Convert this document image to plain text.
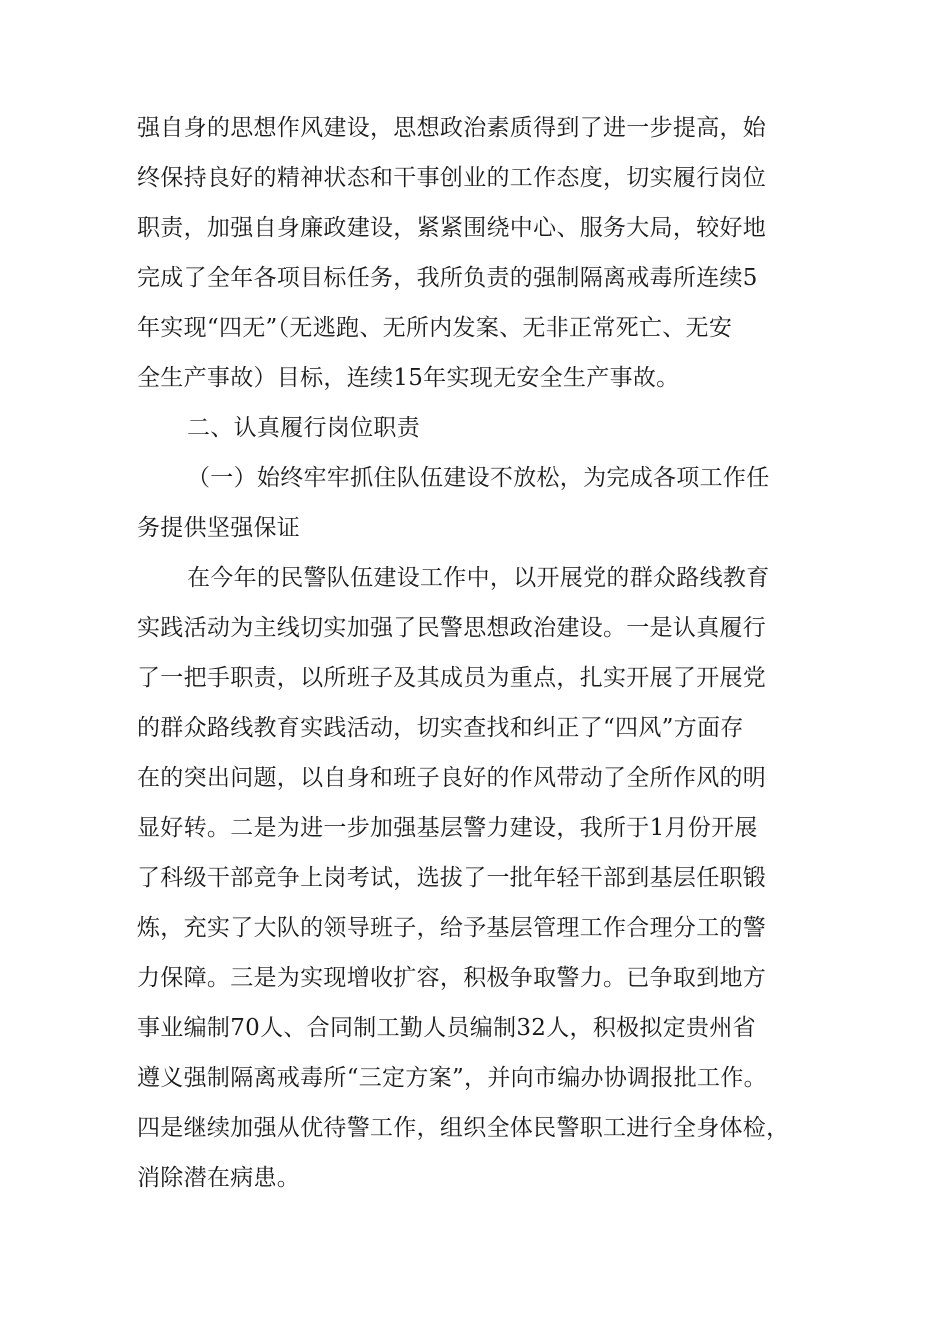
强自身的思想作风建设，思想政治素质得到了进一步提高，始
终保持良好的精神状态和干事创业的工作态度，切实履行岗位
职责，加强自身廉政建设，紧紧围绕中心、服务大局，较好地
完成了全年各项目标任务，我所负责的强制隔离戒毒所连续5
年实现“四无”（无逃跑、无所内发案、无非正常死亡、无安
全生产事故）目标，连续15年实现无安全生产事故。
二、认真履行岗位职责
（一）始终牢牢抓住队伍建设不放松，为完成各项工作任
务提供坚强保证
在今年的民警队伍建设工作中，以开展党的群众路线教育
实践活动为主线切实加强了民警思想政治建设。一是认真履行
了一把手职责，以所班子及其成员为重点，扎实开展了开展党
的群众路线教育实践活动，切实查找和纠正了“四风”方面存
在的突出问题，以自身和班子良好的作风带动了全所作风的明
显好转。二是为进一步加强基层警力建设，我所于1月份开展
了科级干部竞争上岗考试，选拔了一批年轻干部到基层任职锻
炼，充实了大队的领导班子，给予基层管理工作合理分工的警
力保障。三是为实现增收扩容，积极争取警力。已争取到地方
事业编制70人、合同制工勤人员编制32人，积极拟定贵州省
遵义强制隔离戒毒所“三定方案”，并向市编办协调报批工作。
四是继续加强从优待警工作，组织全体民警职工进行全身体检，
消除潜在病患。
